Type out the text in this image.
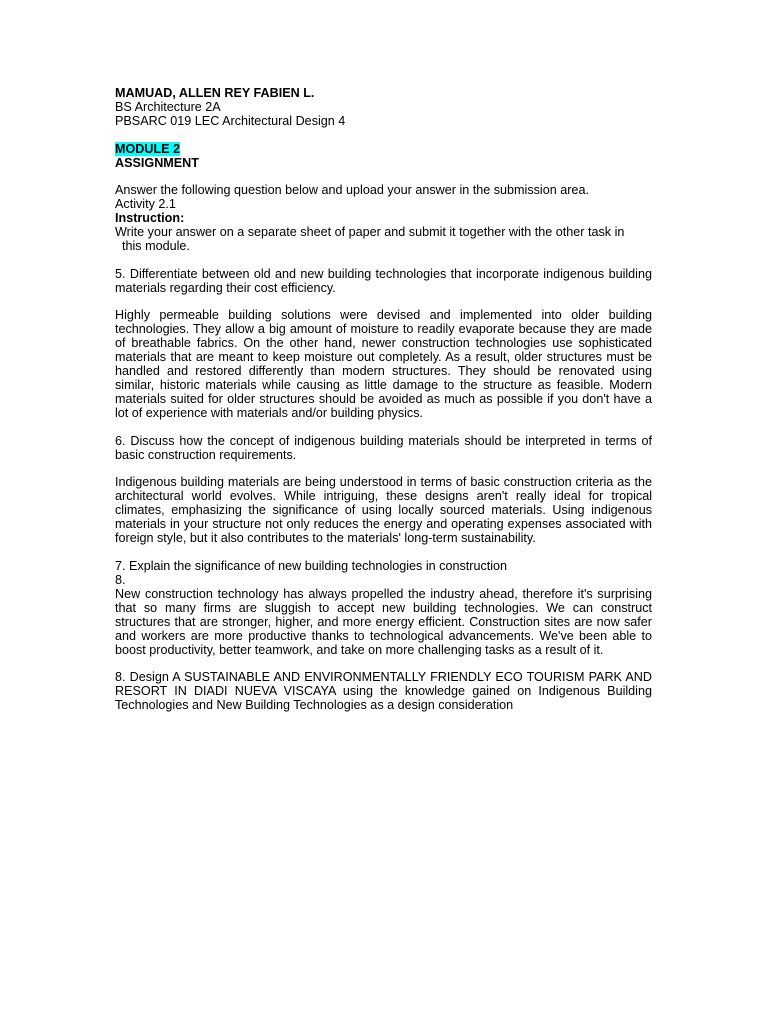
MAMUAD, ALLEN REY FABIEN L.

BS Architecture 2A

PBSARC 019 LEC Architectural Design 4

MODULE 2

ASSIGNMENT

Answer the following question below and upload your answer in the submission area.

Activity 2.1

Instruction:

Write your answer on a separate sheet of paper and submit it together with the other task in

this module.

5. Differentiate between old and new building technologies that incorporate indigenous building materials regarding their cost efficiency.

Highly permeable building solutions were devised and implemented into older building technologies. They allow a big amount of moisture to readily evaporate because they are made of breathable fabrics. On the other hand, newer construction technologies use sophisticated materials that are meant to keep moisture out completely. As a result, older structures must be handled and restored differently than modern structures. They should be renovated using similar, historic materials while causing as little damage to the structure as feasible. Modern materials suited for older structures should be avoided as much as possible if you don't have a lot of experience with materials and/or building physics.

6. Discuss how the concept of indigenous building materials should be interpreted in terms of basic construction requirements.

Indigenous building materials are being understood in terms of basic construction criteria as the architectural world evolves. While intriguing, these designs aren't really ideal for tropical climates, emphasizing the significance of using locally sourced materials. Using indigenous materials in your structure not only reduces the energy and operating expenses associated with foreign style, but it also contributes to the materials' long-term sustainability.

7. Explain the significance of new building technologies in construction

8.

New construction technology has always propelled the industry ahead, therefore it's surprising that so many firms are sluggish to accept new building technologies. We can construct structures that are stronger, higher, and more energy efficient. Construction sites are now safer and workers are more productive thanks to technological advancements. We've been able to boost productivity, better teamwork, and take on more challenging tasks as a result of it.

8. Design A SUSTAINABLE AND ENVIRONMENTALLY FRIENDLY ECO TOURISM PARK AND RESORT IN DIADI NUEVA VISCAYA using the knowledge gained on Indigenous Building Technologies and New Building Technologies as a design consideration
